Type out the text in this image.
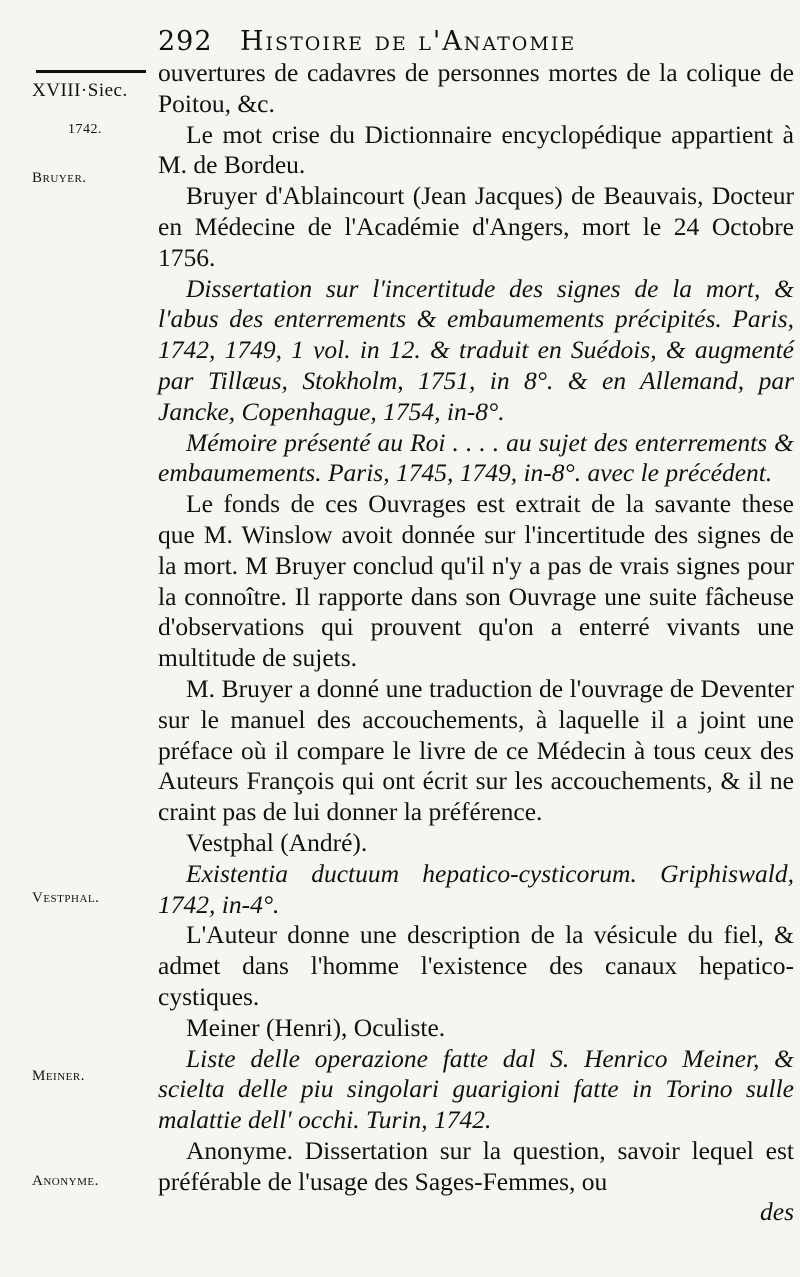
292 Histoire de l'Anatomie
XVIII·Siec.
1742.
Bruyer.
Vestphal.
Meiner.
Anonyme.

ouvertures de cadavres de personnes mortes de la colique de Poitou, &c.

Le mot crise du Dictionnaire encyclopédique appartient à M. de Bordeu.

Bruyer d'Ablaincourt (Jean Jacques) de Beauvais, Docteur en Médecine de l'Académie d'Angers, mort le 24 Octobre 1756.

Dissertation sur l'incertitude des signes de la mort, & l'abus des enterrements & embaumements précipités. Paris, 1742, 1749, 1 vol. in 12. & traduit en Suédois, & augmenté par Tillæus, Stokholm, 1751, in 8°. & en Allemand, par Jancke, Copenhague, 1754, in-8°.

Mémoire présenté au Roi . . . . au sujet des enterrements & embaumements. Paris, 1745, 1749, in-8°. avec le précédent.

Le fonds de ces Ouvrages est extrait de la savante these que M. Winslow avoit donnée sur l'incertitude des signes de la mort. M Bruyer conclud qu'il n'y a pas de vrais signes pour la connoître. Il rapporte dans son Ouvrage une suite fâcheuse d'observations qui prouvent qu'on a enterré vivants une multitude de sujets.

M. Bruyer a donné une traduction de l'ouvrage de Deventer sur le manuel des accouchements, à laquelle il a joint une préface où il compare le livre de ce Médecin à tous ceux des Auteurs François qui ont écrit sur les accouchements, & il ne craint pas de lui donner la préférence.

Vestphal (André).

Existentia ductuum hepatico-cysticorum. Griphiswald, 1742, in-4°.

L'Auteur donne une description de la vésicule du fiel, & admet dans l'homme l'existence des canaux hepatico-cystiques.

Meiner (Henri), Oculiste.

Liste delle operazione fatte dal S. Henrico Meiner, & scielta delle piu singolari guarigioni fatte in Torino sulle malattie dell' occhi. Turin, 1742.

Anonyme. Dissertation sur la question, savoir lequel est préférable de l'usage des Sages-Femmes, ou

des
